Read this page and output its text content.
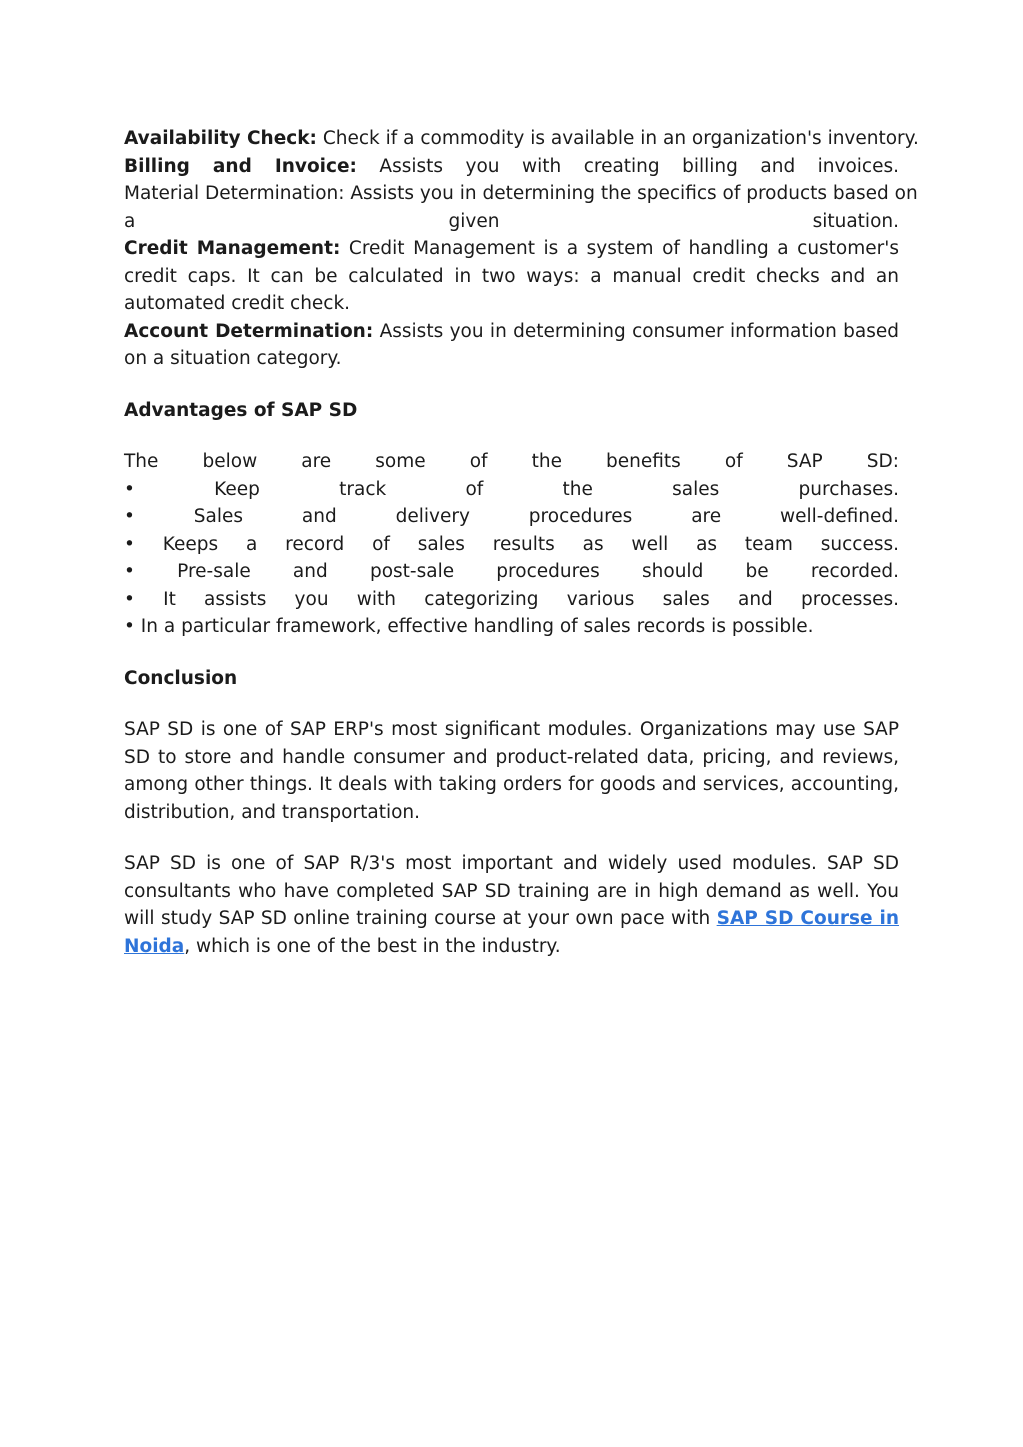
Availability Check: Check if a commodity is available in an organization's inventory.
Billing and Invoice: Assists you with creating billing and invoices.
Material Determination: Assists you in determining the specifics of products based on
a given situation.
Credit Management: Credit Management is a system of handling a customer's credit caps. It can be calculated in two ways: a manual credit checks and an automated credit check.
Account Determination: Assists you in determining consumer information based on a situation category.
Advantages of SAP SD
The below are some of the benefits of SAP SD:
• Keep track of the sales purchases.
• Sales and delivery procedures are well-defined.
• Keeps a record of sales results as well as team success.
• Pre-sale and post-sale procedures should be recorded.
• It assists you with categorizing various sales and processes.
• In a particular framework, effective handling of sales records is possible.
Conclusion
SAP SD is one of SAP ERP's most significant modules. Organizations may use SAP SD to store and handle consumer and product-related data, pricing, and reviews, among other things. It deals with taking orders for goods and services, accounting, distribution, and transportation.
SAP SD is one of SAP R/3's most important and widely used modules. SAP SD consultants who have completed SAP SD training are in high demand as well. You will study SAP SD online training course at your own pace with SAP SD Course in Noida, which is one of the best in the industry.
